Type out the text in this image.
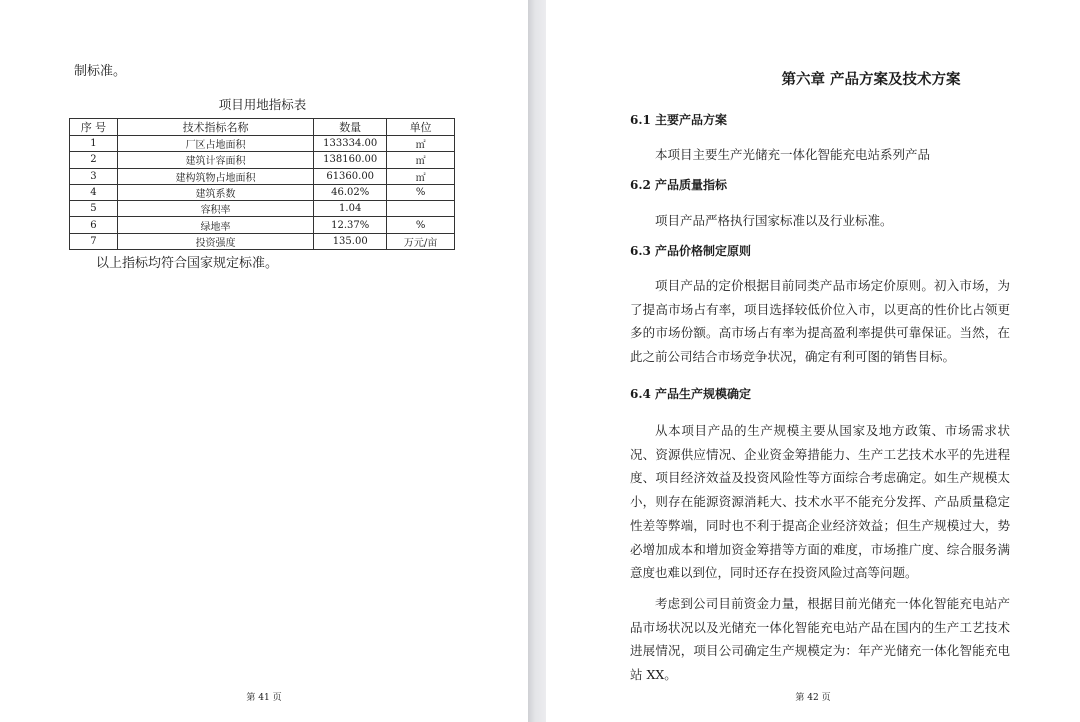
制标准。

项目用地指标表

序 号	技术指标名称	数量	单位
1	厂区占地面积	133334.00	㎡
2	建筑计容面积	138160.00	㎡
3	建构筑物占地面积	61360.00	㎡
4	建筑系数	46.02%	%
5	容积率	1.04	
6	绿地率	12.37%	%
7	投资强度	135.00	万元/亩

以上指标均符合国家规定标准。

第 41 页

第六章 产品方案及技术方案
6.1 主要产品方案

本项目主要生产光储充一体化智能充电站系列产品

6.2 产品质量指标

项目产品严格执行国家标准以及行业标准。

6.3 产品价格制定原则

项目产品的定价根据目前同类产品市场定价原则。初入市场，为了提高市场占有率，项目选择较低价位入市，以更高的性价比占领更多的市场份额。高市场占有率为提高盈利率提供可靠保证。当然，在此之前公司结合市场竞争状况，确定有利可图的销售目标。

6.4 产品生产规模确定

从本项目产品的生产规模主要从国家及地方政策、市场需求状况、资源供应情况、企业资金筹措能力、生产工艺技术水平的先进程度、项目经济效益及投资风险性等方面综合考虑确定。如生产规模太小，则存在能源资源消耗大、技术水平不能充分发挥、产品质量稳定性差等弊端，同时也不利于提高企业经济效益；但生产规模过大，势必增加成本和增加资金筹措等方面的难度，市场推广度、综合服务满意度也难以到位，同时还存在投资风险过高等问题。

考虑到公司目前资金力量，根据目前光储充一体化智能充电站产品市场状况以及光储充一体化智能充电站产品在国内的生产工艺技术进展情况，项目公司确定生产规模定为：年产光储充一体化智能充电站 XX。

第 42 页
